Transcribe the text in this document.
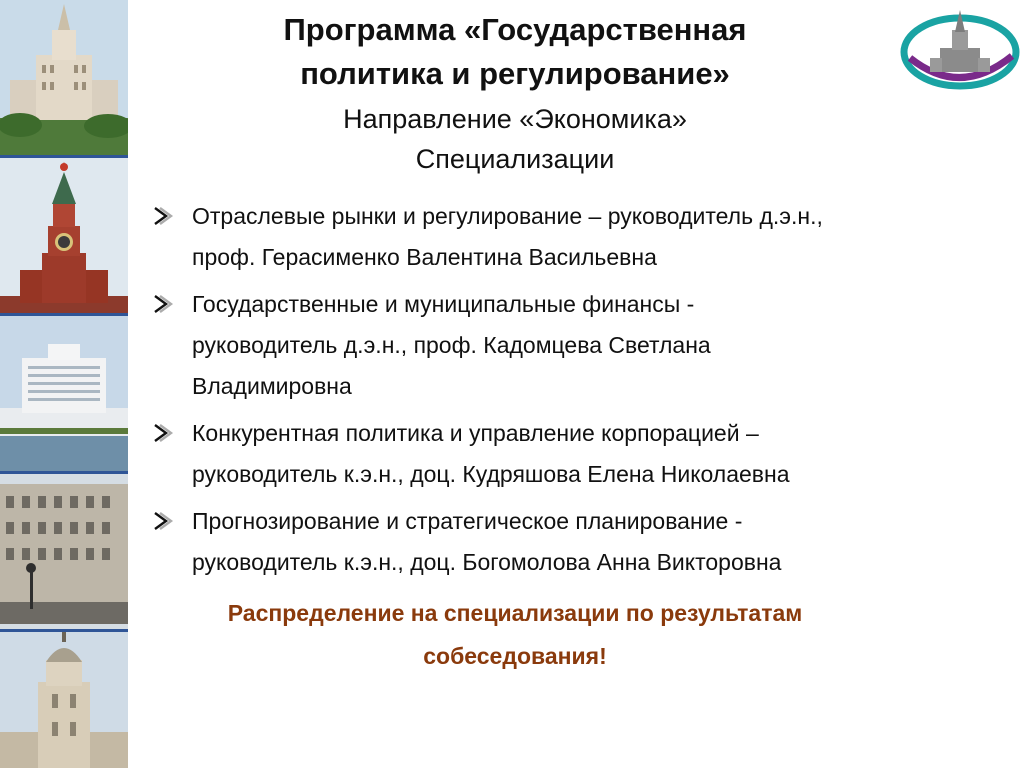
Программа «Государственная
политика и регулирование»
Направление «Экономика»
Специализации
Отраслевые рынки и регулирование – руководитель д.э.н.,
проф. Герасименко Валентина Васильевна
Государственные и муниципальные финансы -
руководитель д.э.н., проф. Кадомцева Светлана
Владимировна
Конкурентная политика и управление корпорацией –
руководитель к.э.н., доц. Кудряшова Елена Николаевна
Прогнозирование и стратегическое планирование -
руководитель к.э.н., доц. Богомолова Анна Викторовна
Распределение на специализации по результатам
собеседования!
